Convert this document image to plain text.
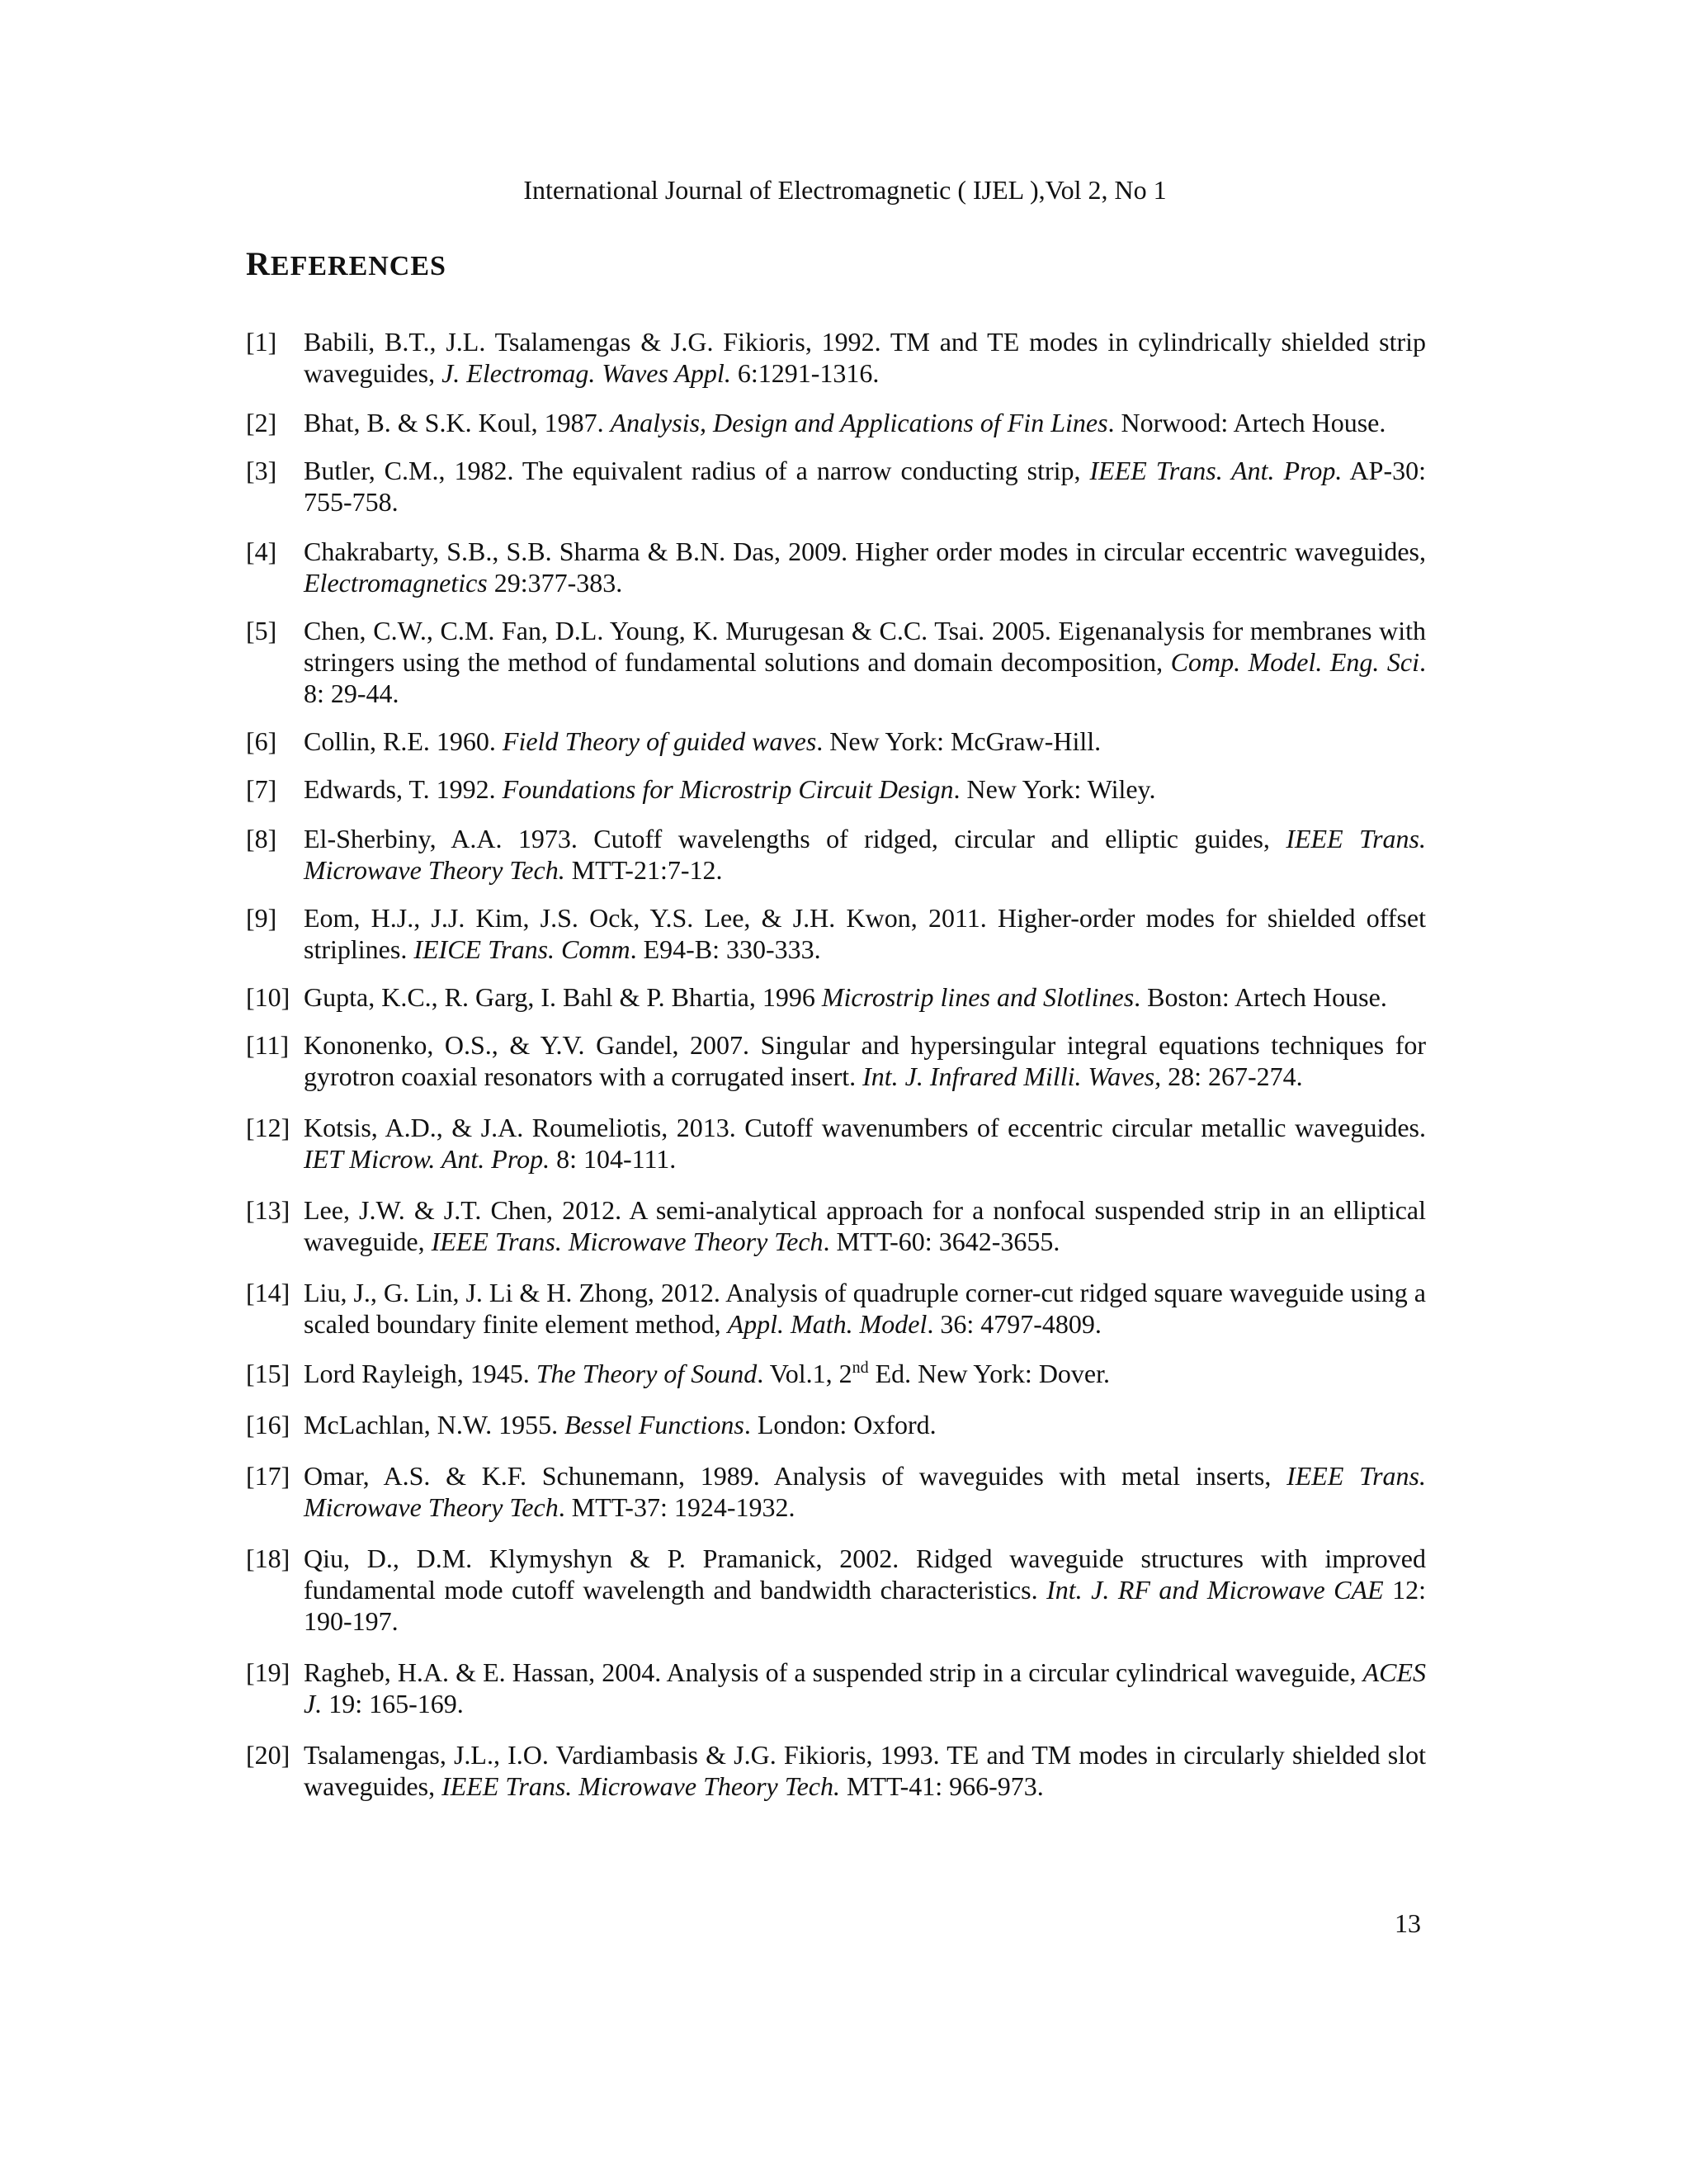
International Journal of Electromagnetic ( IJEL ),Vol 2, No 1
REFERENCES
[1]	Babili, B.T., J.L. Tsalamengas & J.G. Fikioris, 1992. TM and TE modes in cylindrically shielded strip waveguides, J. Electromag. Waves Appl. 6:1291-1316.
[2]	Bhat, B. & S.K. Koul, 1987. Analysis, Design and Applications of Fin Lines. Norwood: Artech House.
[3]	Butler, C.M., 1982. The equivalent radius of a narrow conducting strip, IEEE Trans. Ant. Prop. AP-30: 755-758.
[4]	Chakrabarty, S.B., S.B. Sharma & B.N. Das, 2009. Higher order modes in circular eccentric waveguides, Electromagnetics 29:377-383.
[5]	Chen, C.W., C.M. Fan, D.L. Young, K. Murugesan & C.C. Tsai. 2005. Eigenanalysis for membranes with stringers using the method of fundamental solutions and domain decomposition, Comp. Model. Eng. Sci. 8: 29-44.
[6]	Collin, R.E. 1960. Field Theory of guided waves. New York: McGraw-Hill.
[7]	Edwards, T. 1992. Foundations for Microstrip Circuit Design. New York: Wiley.
[8]	El-Sherbiny, A.A. 1973. Cutoff wavelengths of ridged, circular and elliptic guides, IEEE Trans. Microwave Theory Tech. MTT-21:7-12.
[9]	Eom, H.J., J.J. Kim, J.S. Ock, Y.S. Lee, & J.H. Kwon, 2011. Higher-order modes for shielded offset striplines. IEICE Trans. Comm. E94-B: 330-333.
[10] Gupta, K.C., R. Garg, I. Bahl & P. Bhartia, 1996 Microstrip lines and Slotlines. Boston: Artech House.
[11] Kononenko, O.S., & Y.V. Gandel, 2007. Singular and hypersingular integral equations techniques for gyrotron coaxial resonators with a corrugated insert. Int. J. Infrared Milli. Waves, 28: 267-274.
[12] Kotsis, A.D., & J.A. Roumeliotis, 2013. Cutoff wavenumbers of eccentric circular metallic waveguides. IET Microw. Ant. Prop. 8: 104-111.
[13] Lee, J.W. & J.T. Chen, 2012. A semi-analytical approach for a nonfocal suspended strip in an elliptical waveguide, IEEE Trans. Microwave Theory Tech. MTT-60: 3642-3655.
[14] Liu, J., G. Lin, J. Li & H. Zhong, 2012. Analysis of quadruple corner-cut ridged square waveguide using a scaled boundary finite element method, Appl. Math. Model. 36: 4797-4809.
[15] Lord Rayleigh, 1945. The Theory of Sound. Vol.1, 2nd Ed. New York: Dover.
[16] McLachlan, N.W. 1955. Bessel Functions. London: Oxford.
[17] Omar, A.S. & K.F. Schunemann, 1989. Analysis of waveguides with metal inserts, IEEE Trans. Microwave Theory Tech. MTT-37: 1924-1932.
[18] Qiu, D., D.M. Klymyshyn & P. Pramanick, 2002. Ridged waveguide structures with improved fundamental mode cutoff wavelength and bandwidth characteristics. Int. J. RF and Microwave CAE 12: 190-197.
[19] Ragheb, H.A. & E. Hassan, 2004. Analysis of a suspended strip in a circular cylindrical waveguide, ACES J. 19: 165-169.
[20] Tsalamengas, J.L., I.O. Vardiambasis & J.G. Fikioris, 1993. TE and TM modes in circularly shielded slot waveguides, IEEE Trans. Microwave Theory Tech. MTT-41: 966-973.
13
